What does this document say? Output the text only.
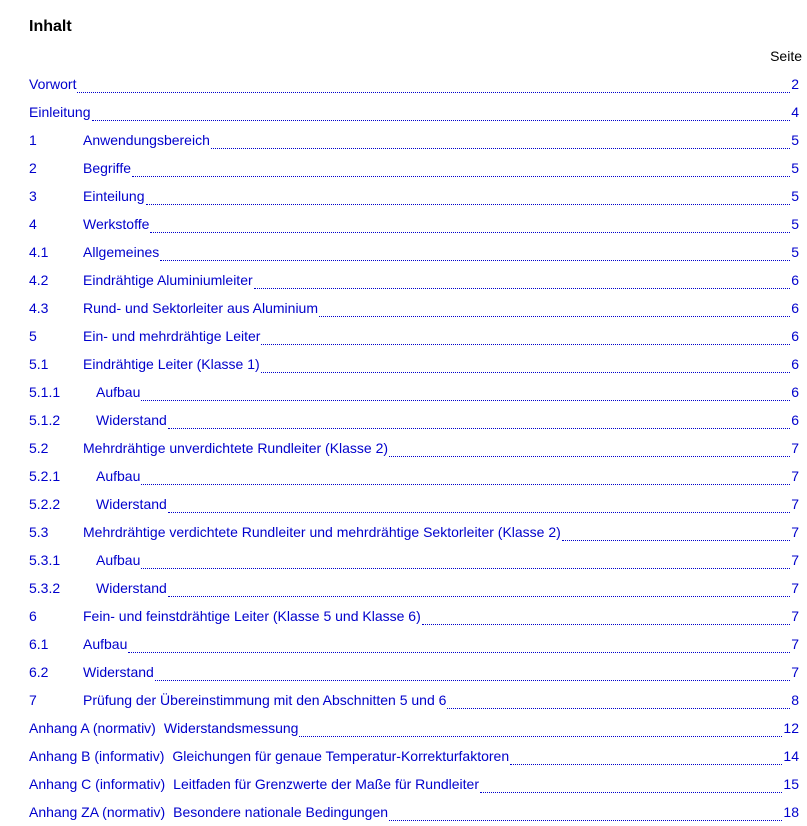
Inhalt
Seite
Vorwort	2
Einleitung	4
1	Anwendungsbereich	5
2	Begriffe	5
3	Einteilung	5
4	Werkstoffe	5
4.1	Allgemeines	5
4.2	Eindrähtige Aluminiumleiter	6
4.3	Rund- und Sektorleiter aus Aluminium	6
5	Ein- und mehrdrähtige Leiter	6
5.1	Eindrähtige Leiter (Klasse 1)	6
5.1.1	Aufbau	6
5.1.2	Widerstand	6
5.2	Mehrdrähtige unverdichtete Rundleiter (Klasse 2)	7
5.2.1	Aufbau	7
5.2.2	Widerstand	7
5.3	Mehrdrähtige verdichtete Rundleiter und mehrdrähtige Sektorleiter (Klasse 2)	7
5.3.1	Aufbau	7
5.3.2	Widerstand	7
6	Fein- und feinstdrähtige Leiter (Klasse 5 und Klasse 6)	7
6.1	Aufbau	7
6.2	Widerstand	7
7	Prüfung der Übereinstimmung mit den Abschnitten 5 und 6	8
Anhang A (normativ) Widerstandsmessung	12
Anhang B (informativ) Gleichungen für genaue Temperatur-Korrekturfaktoren	14
Anhang C (informativ) Leitfaden für Grenzwerte der Maße für Rundleiter	15
Anhang ZA (normativ) Besondere nationale Bedingungen	18
